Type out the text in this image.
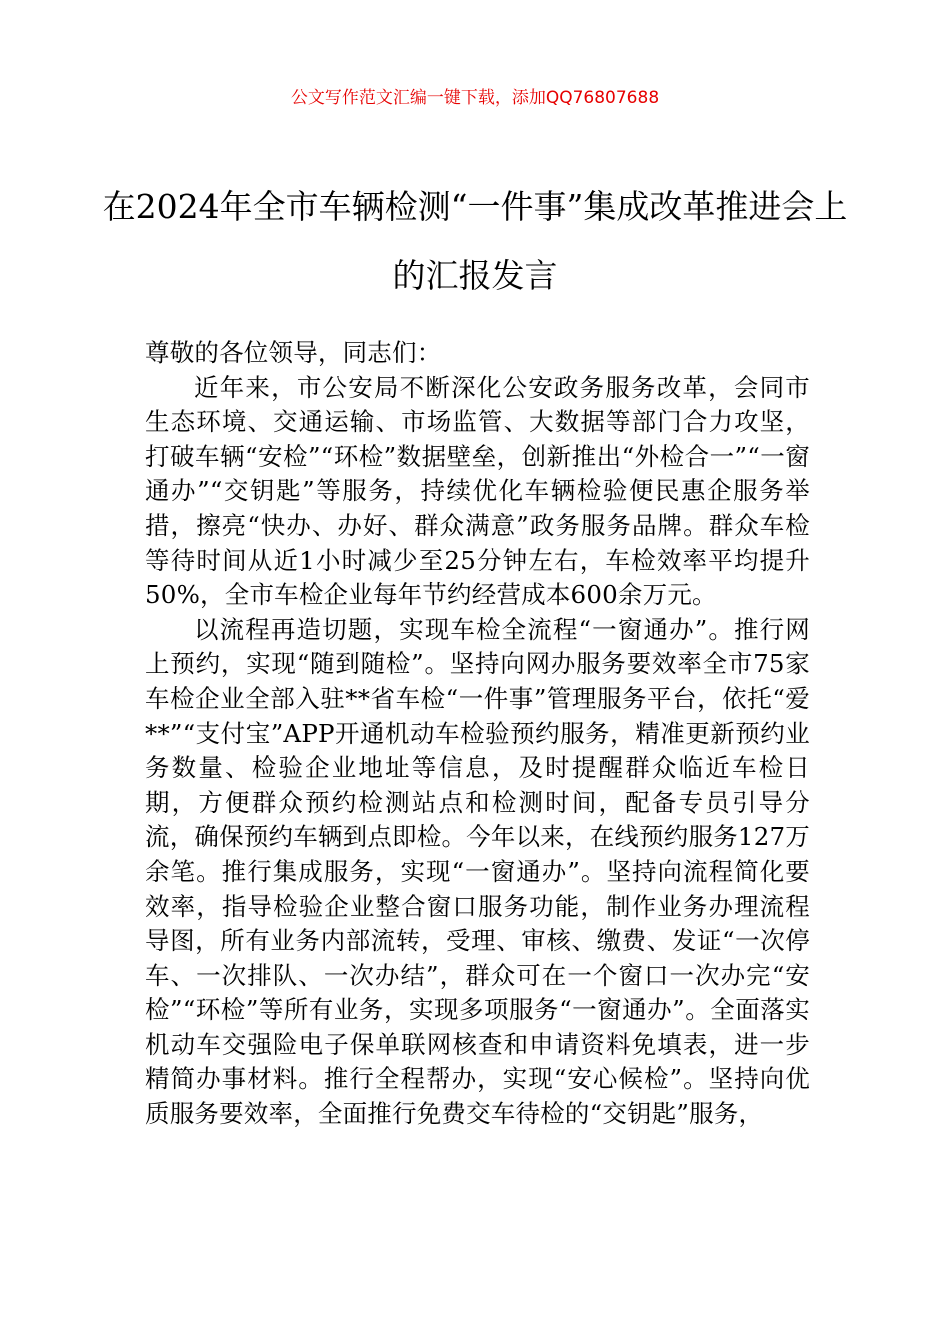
公文写作范文汇编一键下载，添加QQ76807688
在2024年全市车辆检测“一件事”集成改革推进会上的汇报发言

尊敬的各位领导，同志们：

近年来，市公安局不断深化公安政务服务改革，会同市生态环境、交通运输、市场监管、大数据等部门合力攻坚，打破车辆“安检”“环检”数据壁垒，创新推出“外检合一”“一窗通办”“交钥匙”等服务，持续优化车辆检验便民惠企服务举措，擦亮“快办、办好、群众满意”政务服务品牌。群众车检等待时间从近1小时减少至25分钟左右，车检效率平均提升50%，全市车检企业每年节约经营成本600余万元。

以流程再造切题，实现车检全流程“一窗通办”。推行网上预约，实现“随到随检”。坚持向网办服务要效率全市75家车检企业全部入驻**省车检“一件事”管理服务平台，依托“爱**”“支付宝”APP开通机动车检验预约服务，精准更新预约业务数量、检验企业地址等信息，及时提醒群众临近车检日期，方便群众预约检测站点和检测时间，配备专员引导分流，确保预约车辆到点即检。今年以来，在线预约服务127万余笔。推行集成服务，实现“一窗通办”。坚持向流程简化要效率，指导检验企业整合窗口服务功能，制作业务办理流程导图，所有业务内部流转，受理、审核、缴费、发证“一次停车、一次排队、一次办结”，群众可在一个窗口一次办完“安检”“环检”等所有业务，实现多项服务“一窗通办”。全面落实机动车交强险电子保单联网核查和申请资料免填表，进一步精简办事材料。推行全程帮办，实现“安心候检”。坚持向优质服务要效率，全面推行免费交车待检的“交钥匙”服务，
